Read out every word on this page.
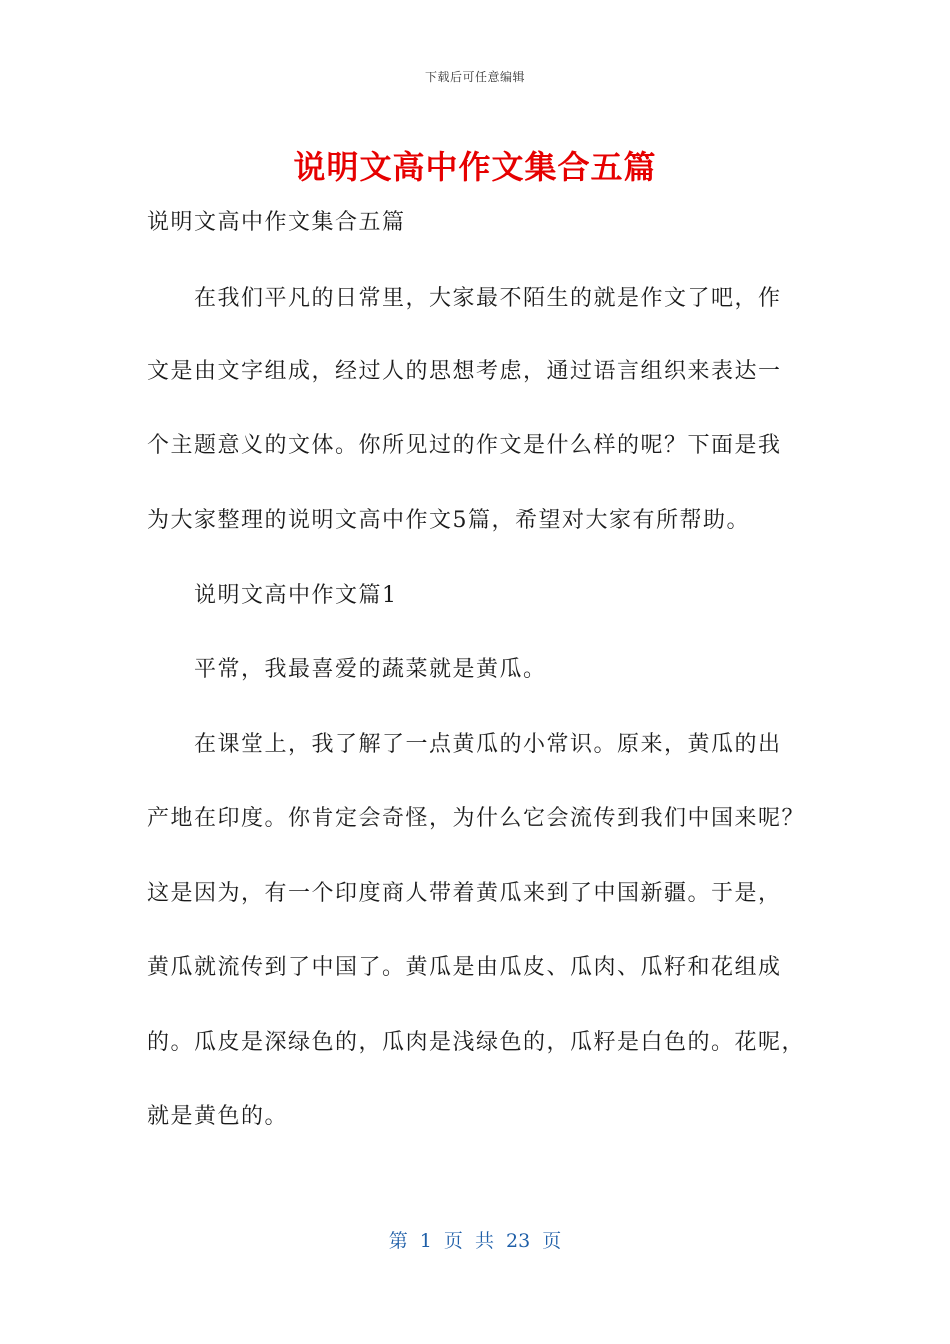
下载后可任意编辑
说明文高中作文集合五篇
说明文高中作文集合五篇
在我们平凡的日常里，大家最不陌生的就是作文了吧，作
文是由文字组成，经过人的思想考虑，通过语言组织来表达一
个主题意义的文体。你所见过的作文是什么样的呢？下面是我
为大家整理的说明文高中作文5篇，希望对大家有所帮助。
说明文高中作文篇1
平常，我最喜爱的蔬菜就是黄瓜。
在课堂上，我了解了一点黄瓜的小常识。原来，黄瓜的出
产地在印度。你肯定会奇怪，为什么它会流传到我们中国来呢？
这是因为，有一个印度商人带着黄瓜来到了中国新疆。于是，
黄瓜就流传到了中国了。黄瓜是由瓜皮、瓜肉、瓜籽和花组成
的。瓜皮是深绿色的，瓜肉是浅绿色的，瓜籽是白色的。花呢，
就是黄色的。
第 1 页 共 23 页
